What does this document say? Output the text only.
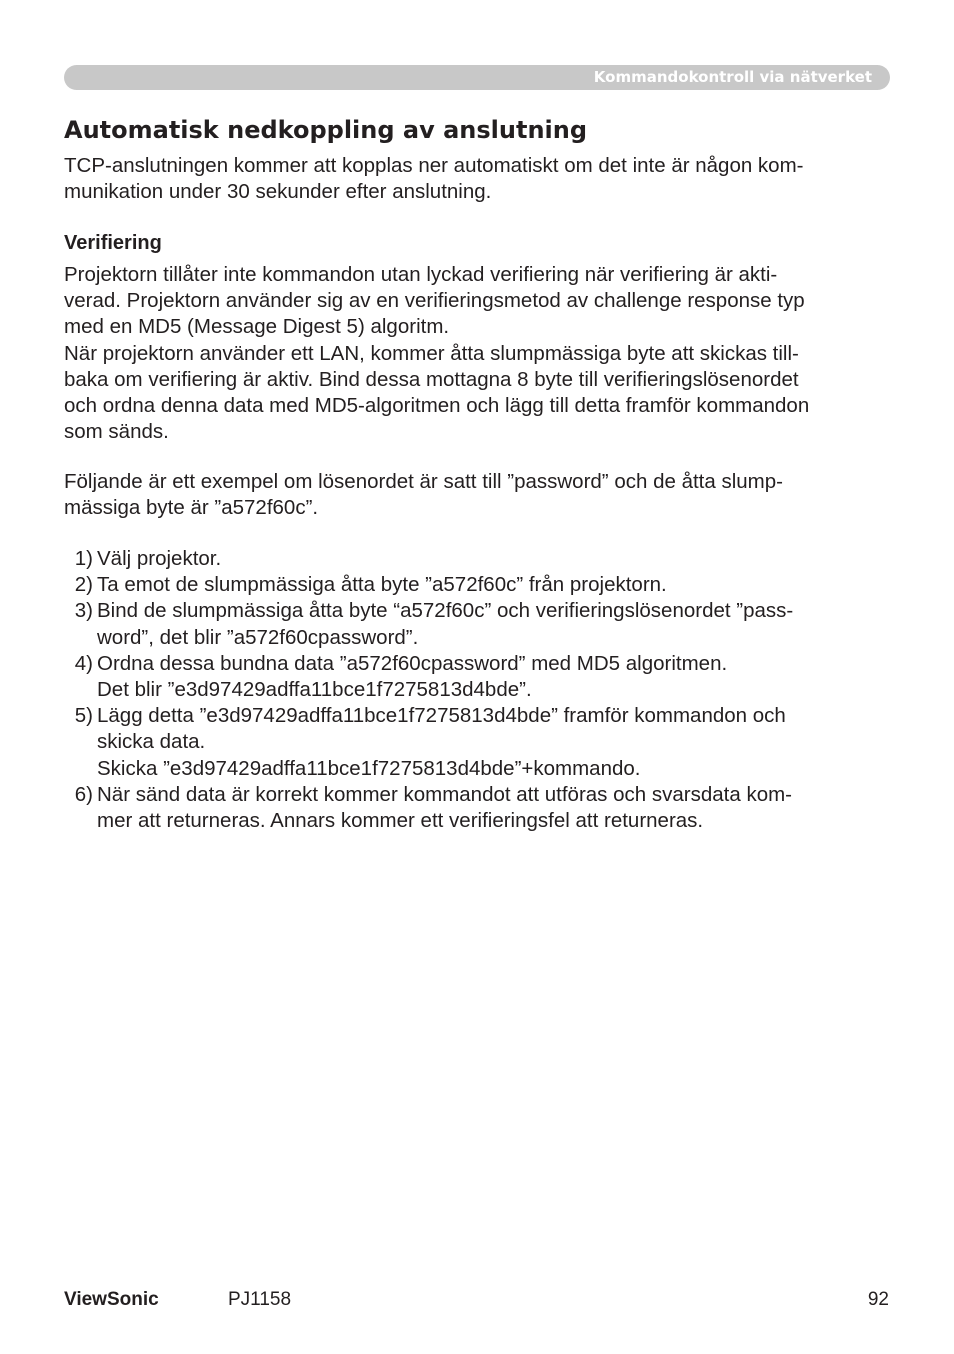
Kommandokontroll via nätverket
Automatisk nedkoppling av anslutning

TCP-anslutningen kommer att kopplas ner automatiskt om det inte är någon kom-
munikation under 30 sekunder efter anslutning.

Verifiering

Projektorn tillåter inte kommandon utan lyckad verifiering när verifiering är akti-
verad. Projektorn använder sig av en verifieringsmetod av challenge response typ
med en MD5 (Message Digest 5) algoritm.
När projektorn använder ett LAN, kommer åtta slumpmässiga byte att skickas till-
baka om verifiering är aktiv. Bind dessa mottagna 8 byte till verifieringslösenordet
och ordna denna data med MD5-algoritmen och lägg till detta framför kommandon
som sänds.

Följande är ett exempel om lösenordet är satt till ”password” och de åtta slump-
mässiga byte är ”a572f60c”.

1) Välj projektor.
2) Ta emot de slumpmässiga åtta byte ”a572f60c” från projektorn.
3) Bind de slumpmässiga åtta byte “a572f60c” och verifieringslösenordet ”pass-
word”, det blir ”a572f60cpassword”.
4) Ordna dessa bundna data ”a572f60cpassword” med MD5 algoritmen.
Det blir ”e3d97429adffa11bce1f7275813d4bde”.
5) Lägg detta ”e3d97429adffa11bce1f7275813d4bde” framför kommandon och
skicka data.
Skicka ”e3d97429adffa11bce1f7275813d4bde”+kommando.
6) När sänd data är korrekt kommer kommandot att utföras och svarsdata kom-
mer att returneras. Annars kommer ett verifieringsfel att returneras.
ViewSonic	PJ1158	92
